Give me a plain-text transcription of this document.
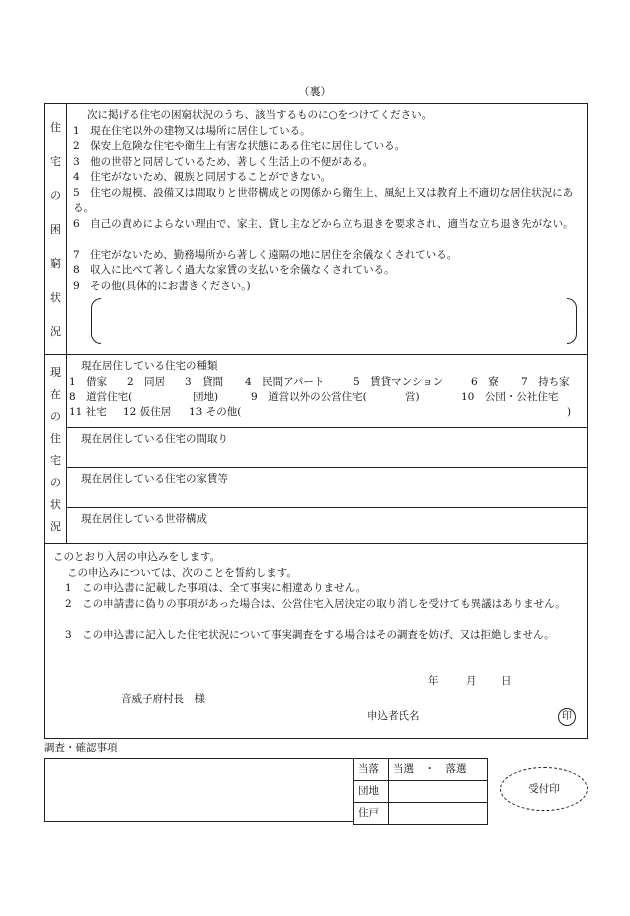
（裏）
住
宅
の
困
窮
状
況
次に掲げる住宅の困窮状況のうち、該当するものに○をつけてください。
1　現在住宅以外の建物又は場所に居住している。
2　保安上危険な住宅や衛生上有害な状態にある住宅に居住している。
3　他の世帯と同居しているため、著しく生活上の不便がある。
4　住宅がないため、親族と同居することができない。
5　住宅の規模、設備又は間取りと世帯構成との関係から衛生上、風紀上又は教育上不適切な居住状況にある。
6　自己の責めによらない理由で、家主、貸し主などから立ち退きを要求され、適当な立ち退き先がない。
7　住宅がないため、勤務場所から著しく遠隔の地に居住を余儀なくされている。
8　収入に比べて著しく過大な家賃の支払いを余儀なくされている。
9　その他(具体的にお書きください。)
現
在
の
住
宅
の
状
況
現在居住している住宅の種類
1　借家	2　同居	3　貸間	4　民間アパート	5　賃貸マンション	6　寮	7　持ち家
8　道営住宅(	団地)	9　道営以外の公営住宅(	営)	10　公団・公社住宅
11 社宅	12 仮住居	13 その他(	)
現在居住している住宅の間取り
現在居住している住宅の家賃等
現在居住している世帯構成
このとおり入居の申込みをします。
この申込みについては、次のことを誓約します。
1　この申込書に記載した事項は、全て事実に相違ありません。
2　この申請書に偽りの事項があった場合は、公営住宅入居決定の取り消しを受けても異議はありません。
3　この申込書に記入した住宅状況について事実調査をする場合はその調査を妨げ、又は拒絶しません。
年	月 日
音威子府村長　様
申込者氏名	印
調査・確認事項
当落	当選　・　落選
団地	
住戸	
受付印
